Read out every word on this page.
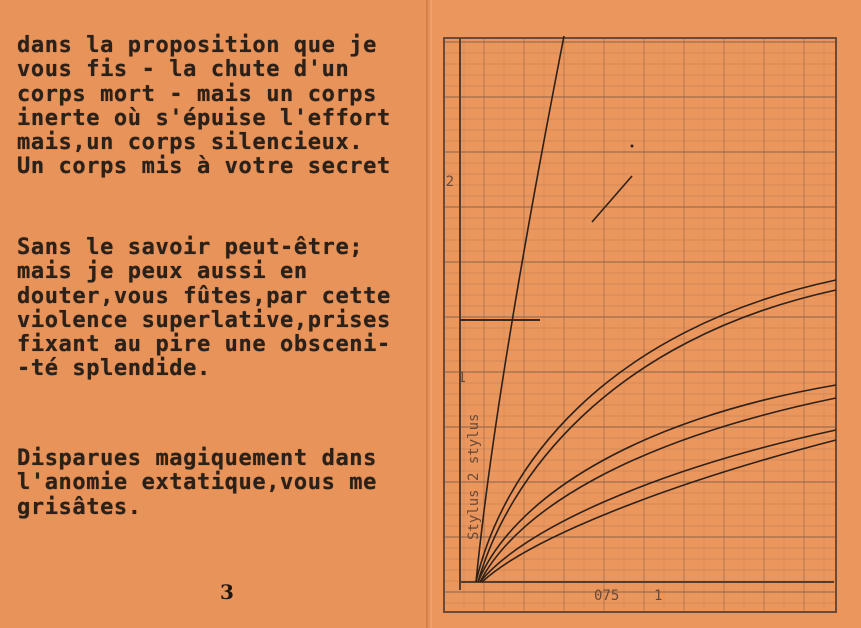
dans la proposition que je
vous fis - la chute d'un
corps mort - mais un corps
inerte où s'épuise l'effort
mais,un corps silencieux.
Un corps mis à votre secret
Sans le savoir peut-être;
mais je peux aussi en
douter,vous fûtes,par cette
violence superlative,prises
fixant au pire une obsceni-
-té splendide.
Disparues magiquement dans
l'anomie extatique,vous me
grisâtes.
3
2
1
075 1
Stylus 2 stylus
